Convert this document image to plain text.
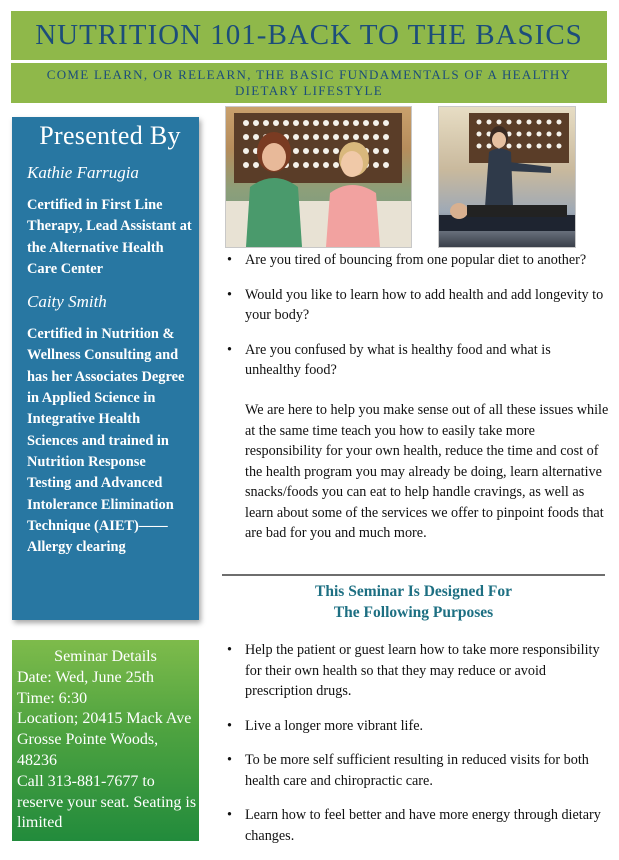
NUTRITION 101-BACK TO THE BASICS
COME LEARN, OR RELEARN, THE BASIC FUNDAMENTALS OF A HEALTHY DIETARY LIFESTYLE
Presented By

Kathie Farrugia

Certified in First Line Therapy, Lead Assistant at the Alternative Health Care Center

Caity Smith

Certified in Nutrition & Wellness Consulting and has her Associates Degree in Applied Science in Integrative Health Sciences and trained in Nutrition Response Testing and Advanced Intolerance Elimination Technique (AIET)——Allergy clearing

Seminar Details
Date: Wed, June 25th
Time: 6:30
Location; 20415 Mack Ave Grosse Pointe Woods, 48236
Call 313-881-7677 to reserve your seat. Seating is limited
• Are you tired of bouncing from one popular diet to another?
• Would you like to learn how to add health and add longevity to your body?
• Are you confused by what is healthy food and what is unhealthy food?

We are here to help you make sense out of all these issues while at the same time teach you how to easily take more responsibility for your own health, reduce the time and cost of the health program you may already be doing, learn alternative snacks/foods you can eat to help handle cravings, as well as learn about some of the services we offer to pinpoint foods that are bad for you and much more.

This Seminar Is Designed For
The Following Purposes
• Help the patient or guest learn how to take more responsibility for their own health so that they may reduce or avoid prescription drugs.
• Live a longer more vibrant life.
• To be more self sufficient resulting in reduced visits for both health care and chiropractic care.
• Learn how to feel better and have more energy through dietary changes.
